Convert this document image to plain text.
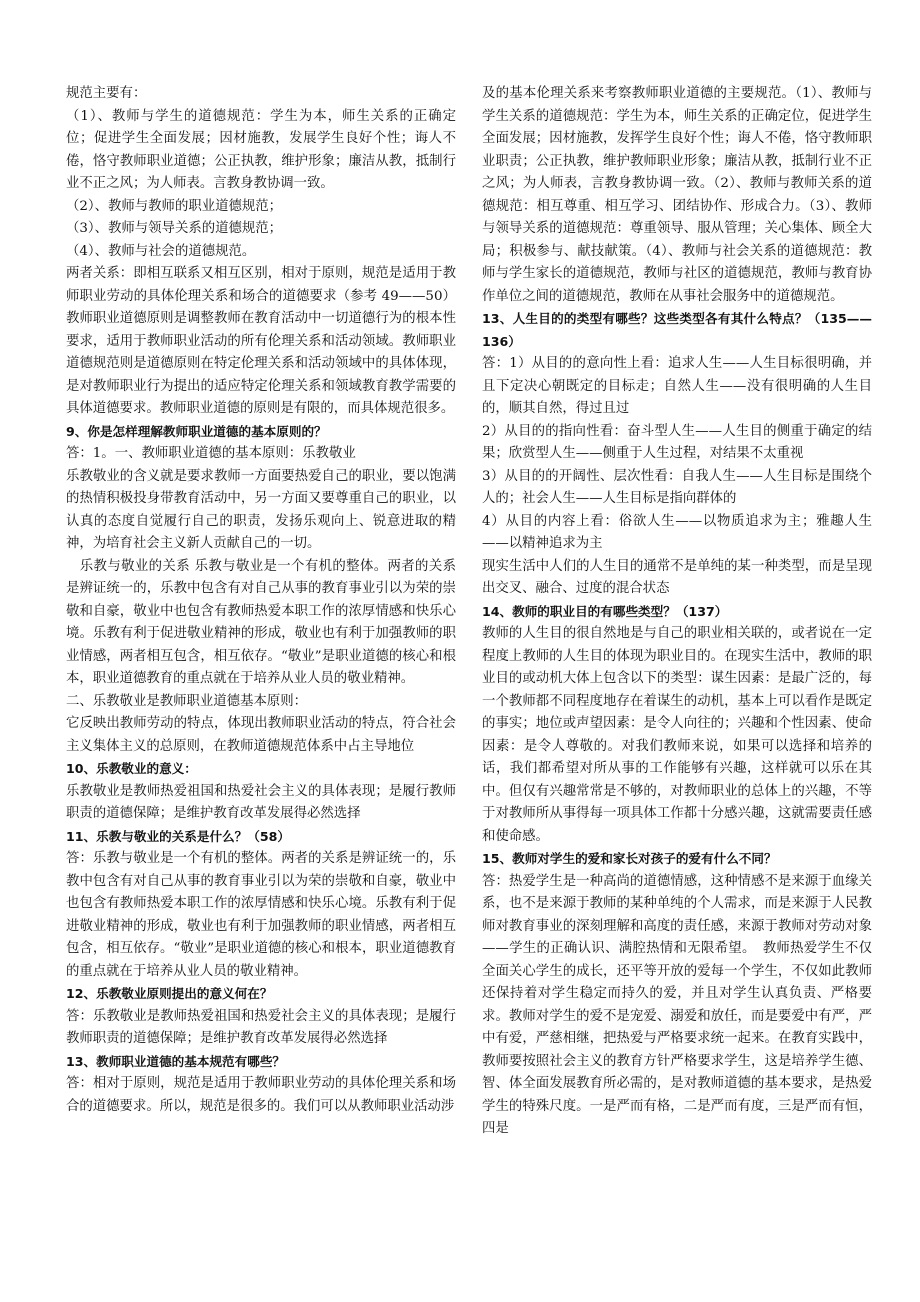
规范主要有：

（1）、教师与学生的道德规范：学生为本，师生关系的正确定位；促进学生全面发展；因材施教，发展学生良好个性；诲人不倦，恪守教师职业道德；公正执教，维护形象；廉洁从教，抵制行业不正之风；为人师表。言教身教协调一致。

（2）、教师与教师的职业道德规范；

（3）、教师与领导关系的道德规范；

（4）、教师与社会的道德规范。

两者关系：即相互联系又相互区别，相对于原则，规范是适用于教师职业劳动的具体伦理关系和场合的道德要求（参考 49——50）教师职业道德原则是调整教师在教育活动中一切道德行为的根本性要求，适用于教师职业活动的所有伦理关系和活动领域。教师职业道德规范则是道德原则在特定伦理关系和活动领域中的具体体现，是对教师职业行为提出的适应特定伦理关系和领域教育教学需要的具体道德要求。教师职业道德的原则是有限的，而具体规范很多。

9、你是怎样理解教师职业道德的基本原则的？

答：1。一、教师职业道德的基本原则：乐教敬业

乐教敬业的含义就是要求教师一方面要热爱自己的职业，要以饱满的热情积极投身带教育活动中，另一方面又要尊重自己的职业，以认真的态度自觉履行自己的职责，发扬乐观向上、锐意进取的精神，为培育社会主义新人贡献自己的一切。

　乐教与敬业的关系 乐教与敬业是一个有机的整体。两者的关系是辨证统一的，乐教中包含有对自己从事的教育事业引以为荣的崇敬和自豪，敬业中也包含有教师热爱本职工作的浓厚情感和快乐心境。乐教有利于促进敬业精神的形成，敬业也有利于加强教师的职业情感，两者相互包含，相互依存。“敬业”是职业道德的核心和根本，职业道德教育的重点就在于培养从业人员的敬业精神。

二、乐教敬业是教师职业道德基本原则：

它反映出教师劳动的特点，体现出教师职业活动的特点，符合社会主义集体主义的总原则，在教师道德规范体系中占主导地位

10、乐教敬业的意义：

乐教敬业是教师热爱祖国和热爱社会主义的具体表现；是履行教师职责的道德保障；是维护教育改革发展得必然选择

11、乐教与敬业的关系是什么？（58）

答：乐教与敬业是一个有机的整体。两者的关系是辨证统一的，乐教中包含有对自己从事的教育事业引以为荣的崇敬和自豪，敬业中也包含有教师热爱本职工作的浓厚情感和快乐心境。乐教有利于促进敬业精神的形成，敬业也有利于加强教师的职业情感，两者相互包含，相互依存。“敬业”是职业道德的核心和根本，职业道德教育的重点就在于培养从业人员的敬业精神。

12、乐教敬业原则提出的意义何在？

答：乐教敬业是教师热爱祖国和热爱社会主义的具体表现；是履行教师职责的道德保障；是维护教育改革发展得必然选择

13、教师职业道德的基本规范有哪些？

答：相对于原则，规范是适用于教师职业劳动的具体伦理关系和场合的道德要求。所以，规范是很多的。我们可以从教师职业活动涉

及的基本伦理关系来考察教师职业道德的主要规范。（1）、教师与学生关系的道德规范：学生为本，师生关系的正确定位，促进学生全面发展；因材施教，发挥学生良好个性；诲人不倦，恪守教师职业职责；公正执教，维护教师职业形象；廉洁从教，抵制行业不正之风；为人师表，言教身教协调一致。（2）、教师与教师关系的道德规范：相互尊重、相互学习、团结协作、形成合力。（3）、教师与领导关系的道德规范：尊重领导、服从管理；关心集体、顾全大局；积极参与、献技献策。（4）、教师与社会关系的道德规范：教师与学生家长的道德规范，教师与社区的道德规范，教师与教育协作单位之间的道德规范，教师在从事社会服务中的道德规范。

13、人生目的的类型有哪些？这些类型各有其什么特点？（135——136）

答：1）从目的的意向性上看：追求人生——人生目标很明确，并且下定决心朝既定的目标走；自然人生——没有很明确的人生目的，顺其自然，得过且过

2）从目的的指向性看：奋斗型人生——人生目的侧重于确定的结果；欣赏型人生——侧重于人生过程，对结果不太重视

3）从目的的开阔性、层次性看：自我人生——人生目标是围绕个人的；社会人生——人生目标是指向群体的

4）从目的内容上看：俗欲人生——以物质追求为主；雅趣人生——以精神追求为主

现实生活中人们的人生目的通常不是单纯的某一种类型，而是呈现出交叉、融合、过度的混合状态

14、教师的职业目的有哪些类型？（137）

教师的人生目的很自然地是与自己的职业相关联的，或者说在一定程度上教师的人生目的体现为职业目的。在现实生活中，教师的职业目的或动机大体上包含以下的类型：谋生因素：是最广泛的，每一个教师都不同程度地存在着谋生的动机，基本上可以看作是既定的事实；地位或声望因素：是令人向往的；兴趣和个性因素、使命因素：是令人尊敬的。对我们教师来说，如果可以选择和培养的话，我们都希望对所从事的工作能够有兴趣，这样就可以乐在其中。但仅有兴趣常常是不够的，对教师职业的总体上的兴趣，不等于对教师所从事得每一项具体工作都十分感兴趣，这就需要责任感和使命感。

15、教师对学生的爱和家长对孩子的爱有什么不同？

答：热爱学生是一种高尚的道德情感，这种情感不是来源于血缘关系，也不是来源于教师的某种单纯的个人需求，而是来源于人民教师对教育事业的深刻理解和高度的责任感，来源于教师对劳动对象——学生的正确认识、满腔热情和无限希望。　教师热爱学生不仅全面关心学生的成长，还平等开放的爱每一个学生，不仅如此教师还保持着对学生稳定而持久的爱，并且对学生认真负责、严格要求。教师对学生的爱不是宠爱、溺爱和放任，而是要爱中有严，严中有爱，严慈相继，把热爱与严格要求统一起来。在教育实践中，教师要按照社会主义的教育方针严格要求学生，这是培养学生德、智、体全面发展教育所必需的，是对教师道德的基本要求，是热爱学生的特殊尺度。一是严而有格，二是严而有度，三是严而有恒，四是
